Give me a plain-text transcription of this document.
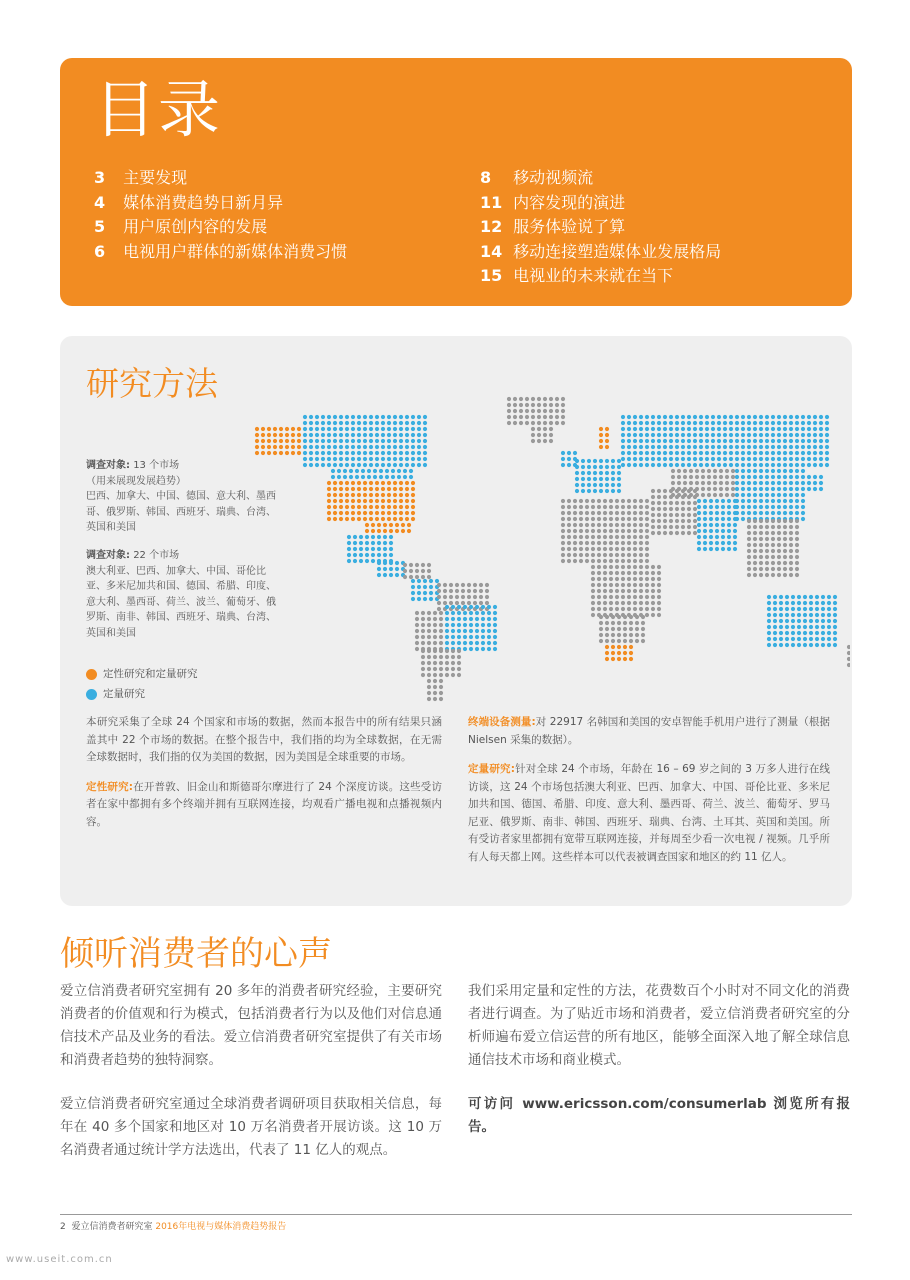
目录
3 主要发现
4 媒体消费趋势日新月异
5 用户原创内容的发展
6 电视用户群体的新媒体消费习惯
8 移动视频流
11 内容发现的演进
12 服务体验说了算
14 移动连接塑造媒体业发展格局
15 电视业的未来就在当下
研究方法
调查对象: 13 个市场
（用来展现发展趋势）
巴西、加拿大、中国、德国、意大利、墨西哥、俄罗斯、韩国、西班牙、瑞典、台湾、英国和美国
调查对象: 22 个市场
澳大利亚、巴西、加拿大、中国、哥伦比亚、多米尼加共和国、德国、希腊、印度、意大利、墨西哥、荷兰、波兰、葡萄牙、俄罗斯、南非、韩国、西班牙、瑞典、台湾、英国和美国
定性研究和定量研究
定量研究

本研究采集了全球 24 个国家和市场的数据，然而本报告中的所有结果只涵盖其中 22 个市场的数据。在整个报告中，我们指的均为全球数据，在无需全球数据时，我们指的仅为美国的数据，因为美国是全球重要的市场。

定性研究:在开普敦、旧金山和斯德哥尔摩进行了 24 个深度访谈。这些受访者在家中都拥有多个终端并拥有互联网连接，均观看广播电视和点播视频内容。

终端设备测量:对 22917 名韩国和美国的安卓智能手机用户进行了测量（根据 Nielsen 采集的数据）。

定量研究:针对全球 24 个市场，年龄在 16 – 69 岁之间的 3 万多人进行在线访谈，这 24 个市场包括澳大利亚、巴西、加拿大、中国、哥伦比亚、多米尼加共和国、德国、希腊、印度、意大利、墨西哥、荷兰、波兰、葡萄牙、罗马尼亚、俄罗斯、南非、韩国、西班牙、瑞典、台湾、土耳其、英国和美国。所有受访者家里都拥有宽带互联网连接，并每周至少看一次电视 / 视频。几乎所有人每天都上网。这些样本可以代表被调查国家和地区的约 11 亿人。

倾听消费者的心声

爱立信消费者研究室拥有 20 多年的消费者研究经验，主要研究消费者的价值观和行为模式，包括消费者行为以及他们对信息通信技术产品及业务的看法。爱立信消费者研究室提供了有关市场和消费者趋势的独特洞察。

爱立信消费者研究室通过全球消费者调研项目获取相关信息，每年在 40 多个国家和地区对 10 万名消费者开展访谈。这 10 万名消费者通过统计学方法选出，代表了 11 亿人的观点。

我们采用定量和定性的方法，花费数百个小时对不同文化的消费者进行调查。为了贴近市场和消费者，爱立信消费者研究室的分析师遍布爱立信运营的所有地区，能够全面深入地了解全球信息通信技术市场和商业模式。

可访问 www.ericsson.com/consumerlab 浏览所有报告。

2 爱立信消费者研究室 2016年电视与媒体消费趋势报告
www.useit.com.cn
